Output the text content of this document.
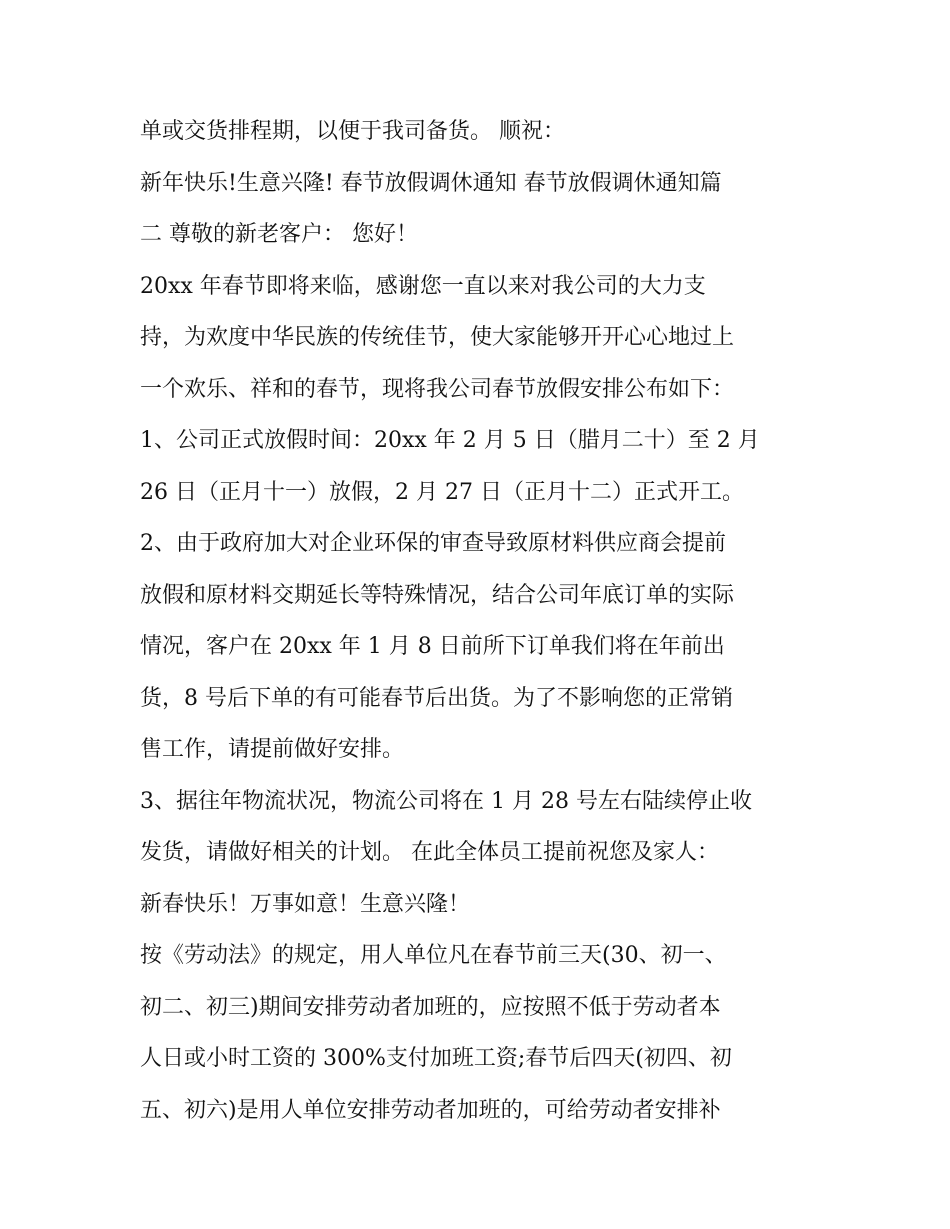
单或交货排程期，以便于我司备货。 顺祝：
新年快乐!生意兴隆! 春节放假调休通知 春节放假调休通知篇
二 尊敬的新老客户： 您好！
20xx 年春节即将来临，感谢您一直以来对我公司的大力支
持，为欢度中华民族的传统佳节，使大家能够开开心心地过上
一个欢乐、祥和的春节，现将我公司春节放假安排公布如下：
1、公司正式放假时间：20xx 年 2 月 5 日（腊月二十）至 2 月
26 日（正月十一）放假，2 月 27 日（正月十二）正式开工。
2、由于政府加大对企业环保的审查导致原材料供应商会提前
放假和原材料交期延长等特殊情况，结合公司年底订单的实际
情况，客户在 20xx 年 1 月 8 日前所下订单我们将在年前出
货，8 号后下单的有可能春节后出货。为了不影响您的正常销
售工作，请提前做好安排。
3、据往年物流状况，物流公司将在 1 月 28 号左右陆续停止收
发货，请做好相关的计划。 在此全体员工提前祝您及家人：
新春快乐！万事如意！生意兴隆！
按《劳动法》的规定，用人单位凡在春节前三天(30、初一、
初二、初三)期间安排劳动者加班的，应按照不低于劳动者本
人日或小时工资的 300%支付加班工资;春节后四天(初四、初
五、初六)是用人单位安排劳动者加班的，可给劳动者安排补
